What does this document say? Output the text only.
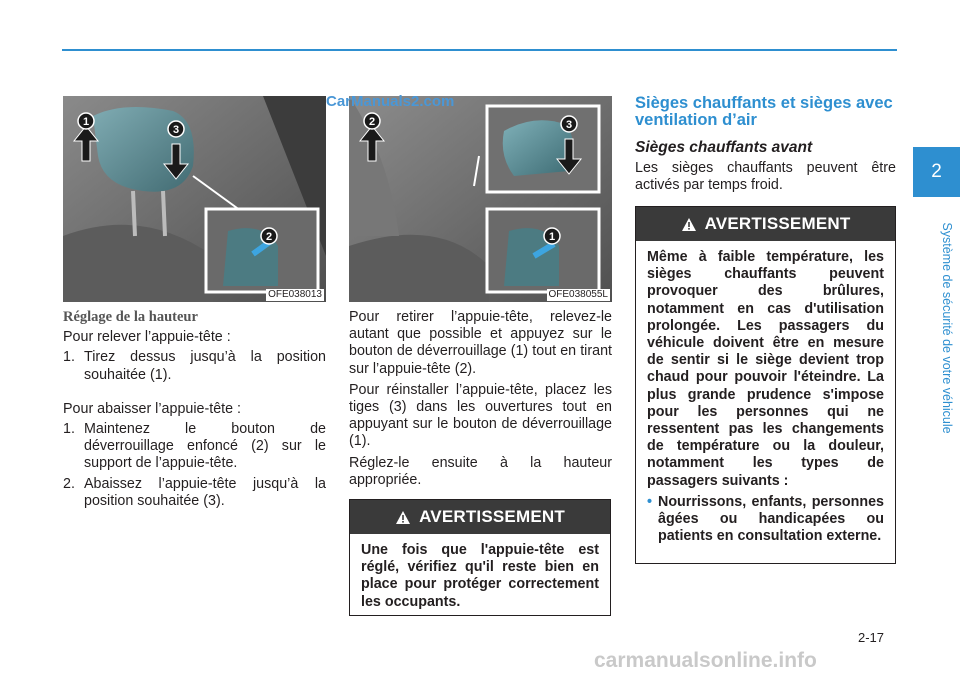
1
3
2
OFE038013
2	3
1
OFE038055L
CarManuals2.com
Réglage de la hauteur
Pour relever l’appuie-tête :
1. Tirez dessus jusqu’à la position souhaitée (1).
Pour abaisser l’appuie-tête :
1. Maintenez le bouton de déverrouillage enfoncé (2) sur le support de l’appuie-tête.
2. Abaissez l’appuie-tête jusqu’à la position souhaitée (3).

Pour retirer l’appuie-tête, relevez-le autant que possible et appuyez sur le bouton de déverrouillage (1) tout en tirant sur l’appuie-tête (2).

Pour réinstaller l’appuie-tête, placez les tiges (3) dans les ouvertures tout en appuyant sur le bouton de déverrouillage (1).

Réglez-le ensuite à la hauteur appropriée.

AVERTISSEMENT
Une fois que l'appuie-tête est réglé, vérifiez qu'il reste bien en place pour protéger correctement les occupants.
Sièges chauffants et sièges avec ventilation d’air
Sièges chauffants avant
Les sièges chauffants peuvent être activés par temps froid.
AVERTISSEMENT
Même à faible température, les sièges chauffants peuvent provoquer des brûlures, notamment en cas d'utilisation prolongée. Les passagers du véhicule doivent être en mesure de sentir si le siège devient trop chaud pour pouvoir l'éteindre. La plus grande prudence s'impose pour les personnes qui ne ressentent pas les changements de température ou la douleur, notamment les types de passagers suivants :
• Nourrissons, enfants, personnes âgées ou handicapées ou patients en consultation externe.
2
Système de sécurité de votre véhicule
2-17
carmanualsonline.info
